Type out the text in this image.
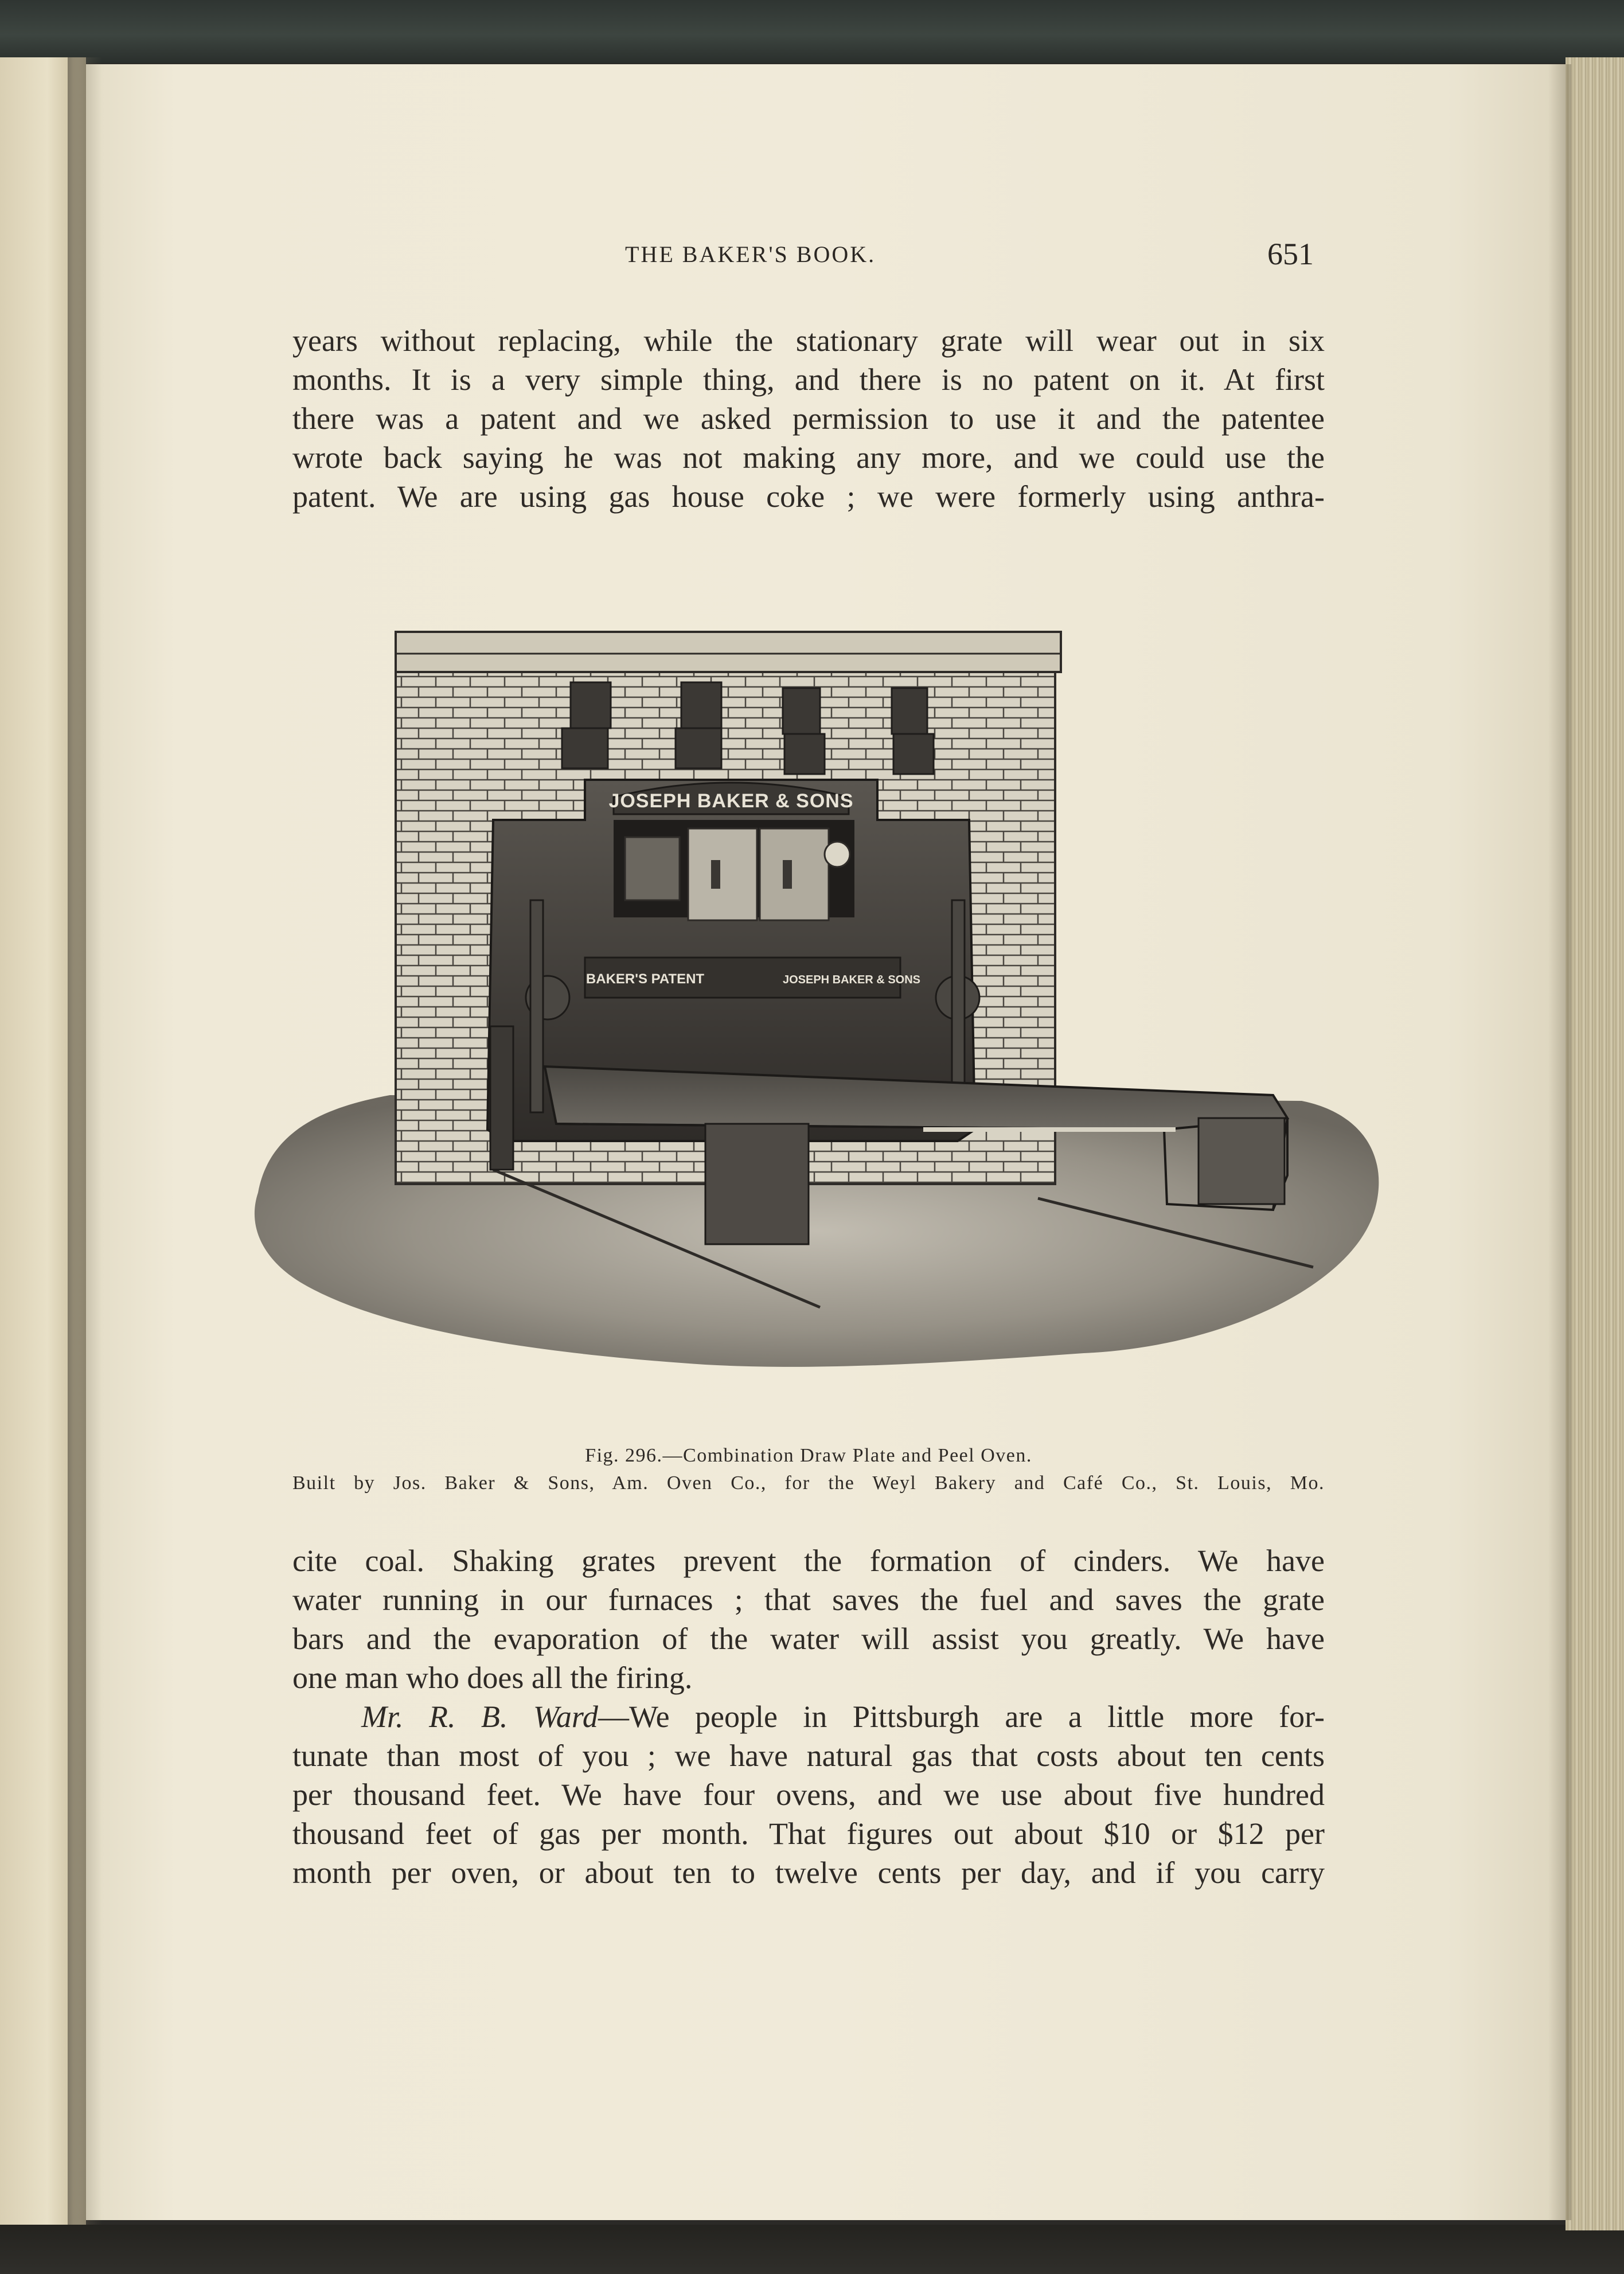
THE BAKER'S BOOK.	651
years without replacing, while the stationary grate will wear out in six
months. It is a very simple thing, and there is no patent on it. At first
there was a patent and we asked permission to use it and the patentee
wrote back saying he was not making any more, and we could use the
patent. We are using gas house coke ; we were formerly using anthra-
JOSEPH BAKER & SONS
BAKER'S PATENT	JOSEPH BAKER & SONS
Fig. 296.—Combination Draw Plate and Peel Oven.
Built by Jos. Baker & Sons, Am. Oven Co., for the Weyl Bakery and Café Co., St. Louis, Mo.
cite coal. Shaking grates prevent the formation of cinders. We have
water running in our furnaces ; that saves the fuel and saves the grate
bars and the evaporation of the water will assist you greatly. We have
one man who does all the firing.
Mr. R. B. Ward—We people in Pittsburgh are a little more for-
tunate than most of you ; we have natural gas that costs about ten cents
per thousand feet. We have four ovens, and we use about five hundred
thousand feet of gas per month. That figures out about $10 or $12 per
month per oven, or about ten to twelve cents per day, and if you carry
